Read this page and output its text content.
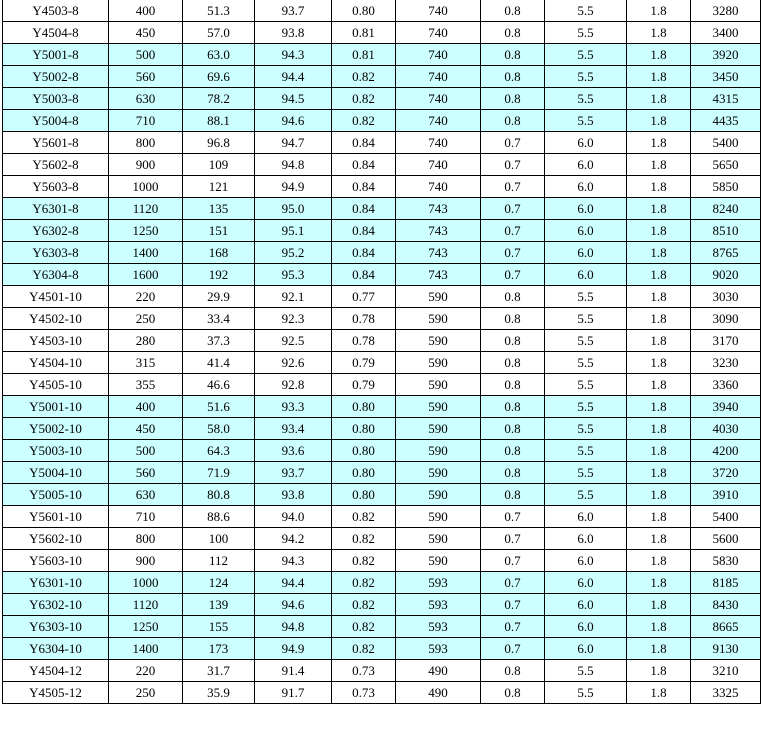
Y4503-8	400	51.3	93.7	0.80	740	0.8	5.5	1.8	3280
Y4504-8	450	57.0	93.8	0.81	740	0.8	5.5	1.8	3400
Y5001-8	500	63.0	94.3	0.81	740	0.8	5.5	1.8	3920
Y5002-8	560	69.6	94.4	0.82	740	0.8	5.5	1.8	3450
Y5003-8	630	78.2	94.5	0.82	740	0.8	5.5	1.8	4315
Y5004-8	710	88.1	94.6	0.82	740	0.8	5.5	1.8	4435
Y5601-8	800	96.8	94.7	0.84	740	0.7	6.0	1.8	5400
Y5602-8	900	109	94.8	0.84	740	0.7	6.0	1.8	5650
Y5603-8	1000	121	94.9	0.84	740	0.7	6.0	1.8	5850
Y6301-8	1120	135	95.0	0.84	743	0.7	6.0	1.8	8240
Y6302-8	1250	151	95.1	0.84	743	0.7	6.0	1.8	8510
Y6303-8	1400	168	95.2	0.84	743	0.7	6.0	1.8	8765
Y6304-8	1600	192	95.3	0.84	743	0.7	6.0	1.8	9020
Y4501-10	220	29.9	92.1	0.77	590	0.8	5.5	1.8	3030
Y4502-10	250	33.4	92.3	0.78	590	0.8	5.5	1.8	3090
Y4503-10	280	37.3	92.5	0.78	590	0.8	5.5	1.8	3170
Y4504-10	315	41.4	92.6	0.79	590	0.8	5.5	1.8	3230
Y4505-10	355	46.6	92.8	0.79	590	0.8	5.5	1.8	3360
Y5001-10	400	51.6	93.3	0.80	590	0.8	5.5	1.8	3940
Y5002-10	450	58.0	93.4	0.80	590	0.8	5.5	1.8	4030
Y5003-10	500	64.3	93.6	0.80	590	0.8	5.5	1.8	4200
Y5004-10	560	71.9	93.7	0.80	590	0.8	5.5	1.8	3720
Y5005-10	630	80.8	93.8	0.80	590	0.8	5.5	1.8	3910
Y5601-10	710	88.6	94.0	0.82	590	0.7	6.0	1.8	5400
Y5602-10	800	100	94.2	0.82	590	0.7	6.0	1.8	5600
Y5603-10	900	112	94.3	0.82	590	0.7	6.0	1.8	5830
Y6301-10	1000	124	94.4	0.82	593	0.7	6.0	1.8	8185
Y6302-10	1120	139	94.6	0.82	593	0.7	6.0	1.8	8430
Y6303-10	1250	155	94.8	0.82	593	0.7	6.0	1.8	8665
Y6304-10	1400	173	94.9	0.82	593	0.7	6.0	1.8	9130
Y4504-12	220	31.7	91.4	0.73	490	0.8	5.5	1.8	3210
Y4505-12	250	35.9	91.7	0.73	490	0.8	5.5	1.8	3325
